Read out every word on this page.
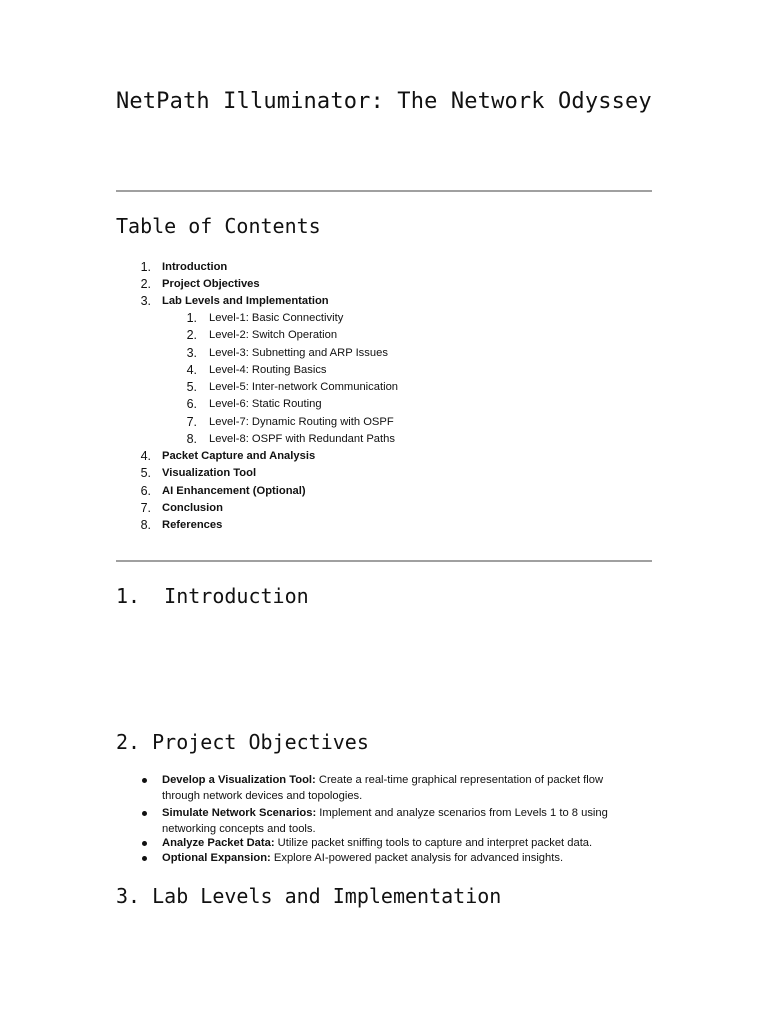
NetPath Illuminator: The Network Odyssey
Table of Contents
1. Introduction
2. Project Objectives
3. Lab Levels and Implementation
1. Level-1: Basic Connectivity
2. Level-2: Switch Operation
3. Level-3: Subnetting and ARP Issues
4. Level-4: Routing Basics
5. Level-5: Inter-network Communication
6. Level-6: Static Routing
7. Level-7: Dynamic Routing with OSPF
8. Level-8: OSPF with Redundant Paths
4. Packet Capture and Analysis
5. Visualization Tool
6. AI Enhancement (Optional)
7. Conclusion
8. References
1.  Introduction
2. Project Objectives
Develop a Visualization Tool: Create a real-time graphical representation of packet flow through network devices and topologies.
Simulate Network Scenarios: Implement and analyze scenarios from Levels 1 to 8 using networking concepts and tools.
Analyze Packet Data: Utilize packet sniffing tools to capture and interpret packet data.
Optional Expansion: Explore AI-powered packet analysis for advanced insights.
3. Lab Levels and Implementation
